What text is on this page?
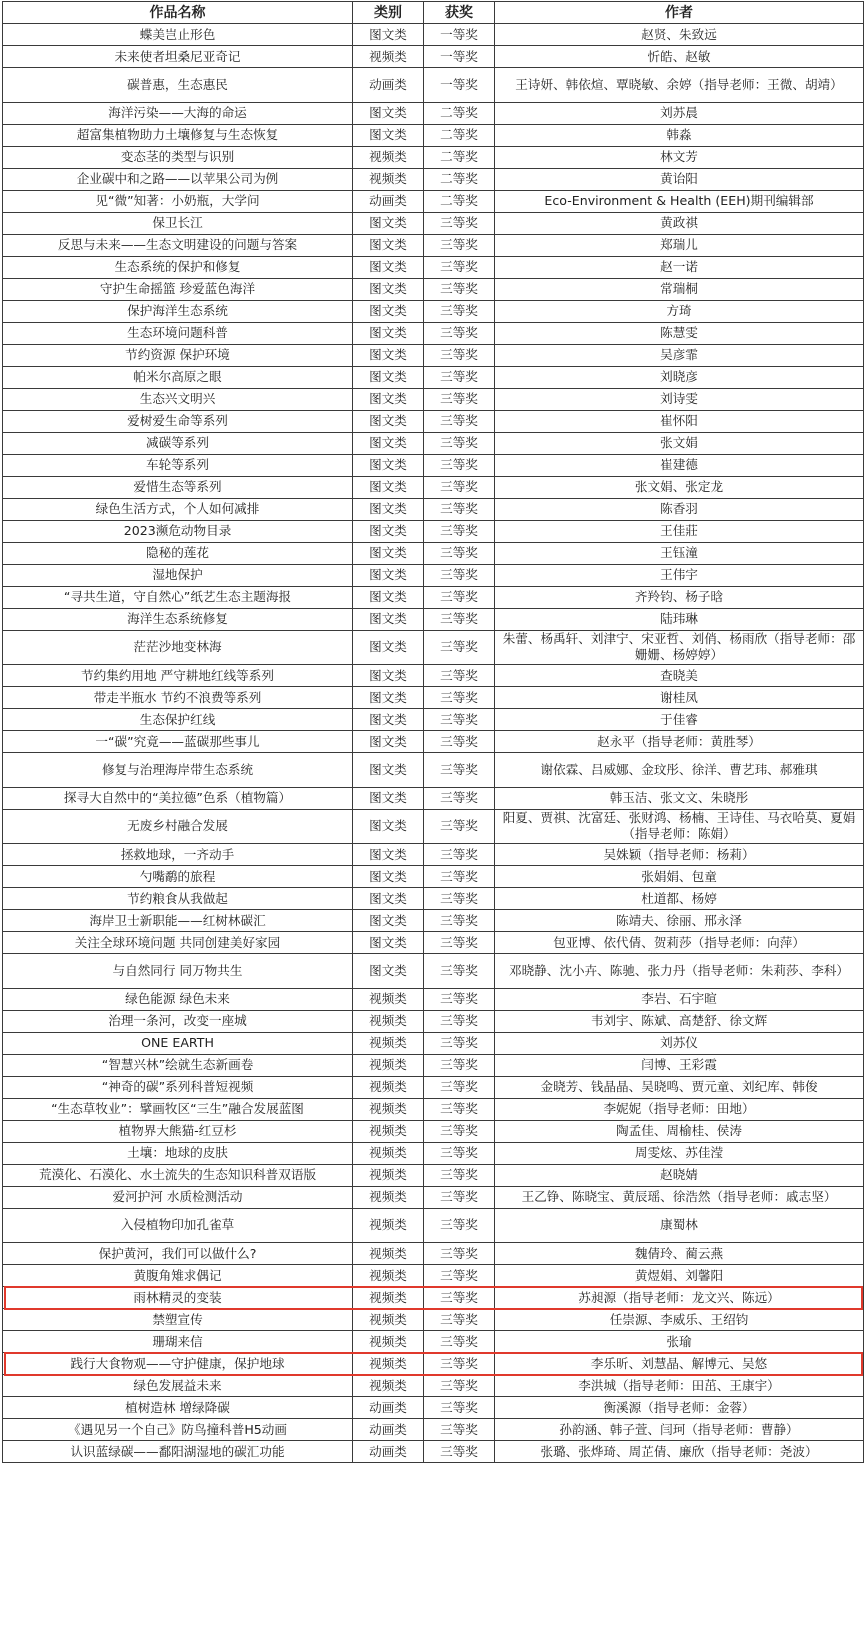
作品名称	类别	获奖	作者
蝶美岂止形色	图文类	一等奖	赵贤、朱致远
未来使者坦桑尼亚奇记	视频类	一等奖	忻皓、赵敏
碳普惠，生态惠民	动画类	一等奖	王诗妍、韩依煊、覃晓敏、余婷（指导老师：王微、胡靖）
海洋污染——大海的命运	图文类	二等奖	刘苏晨
超富集植物助力土壤修复与生态恢复	图文类	二等奖	韩淼
变态茎的类型与识别	视频类	二等奖	林文芳
企业碳中和之路——以苹果公司为例	视频类	二等奖	黄诒阳
见“微”知著：小奶瓶，大学问	动画类	二等奖	Eco-Environment & Health (EEH)期刊编辑部
保卫长江	图文类	三等奖	黄政祺
反思与未来——生态文明建设的问题与答案	图文类	三等奖	郑瑞儿
生态系统的保护和修复	图文类	三等奖	赵一诺
守护生命摇篮 珍爱蓝色海洋	图文类	三等奖	常瑞桐
保护海洋生态系统	图文类	三等奖	方琦
生态环境问题科普	图文类	三等奖	陈慧雯
节约资源 保护环境	图文类	三等奖	吴彦霏
帕米尔高原之眼	图文类	三等奖	刘晓彦
生态兴文明兴	图文类	三等奖	刘诗雯
爱树爱生命等系列	图文类	三等奖	崔怀阳
减碳等系列	图文类	三等奖	张文娟
车轮等系列	图文类	三等奖	崔建德
爱惜生态等系列	图文类	三等奖	张文娟、张定龙
绿色生活方式，个人如何减排	图文类	三等奖	陈香羽
2023濒危动物目录	图文类	三等奖	王佳莊
隐秘的莲花	图文类	三等奖	王钰潼
湿地保护	图文类	三等奖	王伟宇
“寻共生道，守自然心”纸艺生态主题海报	图文类	三等奖	齐羚钧、杨子晗
海洋生态系统修复	图文类	三等奖	陆玮琳
茫茫沙地变林海	图文类	三等奖	朱蕾、杨禹轩、刘津宁、宋亚哲、刘俏、杨雨欣（指导老师：邵姗姗、杨婷婷）
节约集约用地 严守耕地红线等系列	图文类	三等奖	查晓美
带走半瓶水 节约不浪费等系列	图文类	三等奖	谢桂凤
生态保护红线	图文类	三等奖	于佳睿
一“碳”究竟——蓝碳那些事儿	图文类	三等奖	赵永平（指导老师：黄胜琴）
修复与治理海岸带生态系统	图文类	三等奖	谢依霖、吕威娜、金玟彤、徐洋、曹艺玮、郝雅琪
探寻大自然中的“美拉德”色系（植物篇）	图文类	三等奖	韩玉洁、张文文、朱晓彤
无废乡村融合发展	图文类	三等奖	阳夏、贾祺、沈富廷、张财鸿、杨楠、王诗佳、马衣哈莫、夏娟（指导老师：陈娟）
拯救地球，一齐动手	图文类	三等奖	吴姝颖（指导老师：杨莉）
勺嘴鹬的旅程	图文类	三等奖	张娟娟、包童
节约粮食从我做起	图文类	三等奖	杜道都、杨婷
海岸卫士新职能——红树林碳汇	图文类	三等奖	陈靖夫、徐丽、邢永泽
关注全球环境问题 共同创建美好家园	图文类	三等奖	包亚博、依代倩、贺莉莎（指导老师：向萍）
与自然同行 同万物共生	图文类	三等奖	邓晓静、沈小卉、陈驰、张力丹（指导老师：朱莉莎、李科）
绿色能源 绿色未来	视频类	三等奖	李岩、石宇暄
治理一条河，改变一座城	视频类	三等奖	韦刘宇、陈斌、高楚舒、徐文辉
ONE EARTH	视频类	三等奖	刘苏仪
“智慧兴林”绘就生态新画卷	视频类	三等奖	闫博、王彩霞
“神奇的碳”系列科普短视频	视频类	三等奖	金晓芳、钱晶晶、吴晓鸣、贾元童、刘纪库、韩俊
“生态草牧业”：擘画牧区“三生”融合发展蓝图	视频类	三等奖	李妮妮（指导老师：田地）
植物界大熊猫-红豆杉	视频类	三等奖	陶孟佳、周榆桂、侯涛
土壤：地球的皮肤	视频类	三等奖	周雯炫、苏佳滢
荒漠化、石漠化、水土流失的生态知识科普双语版	视频类	三等奖	赵晓婧
爱河护河 水质检测活动	视频类	三等奖	王乙铮、陈晓宝、黄辰瑶、徐浩然（指导老师：戚志坚）
入侵植物印加孔雀草	视频类	三等奖	康蜀林
保护黄河，我们可以做什么?	视频类	三等奖	魏倩玲、蔺云燕
黄腹角雉求偶记	视频类	三等奖	黄煜娟、刘馨阳
雨林精灵的变装	视频类	三等奖	苏昶源（指导老师：龙文兴、陈远）
禁塑宣传	视频类	三等奖	任崇源、李威乐、王绍钧
珊瑚来信	视频类	三等奖	张瑜
践行大食物观——守护健康，保护地球	视频类	三等奖	李乐昕、刘慧晶、解博元、吴悠
绿色发展益未来	视频类	三等奖	李洪城（指导老师：田茁、王康宇）
植树造林 增绿降碳	动画类	三等奖	衡溪源（指导老师：金蓉）
《遇见另一个自己》防鸟撞科普H5动画	动画类	三等奖	孙韵涵、韩子萱、闫珂（指导老师：曹静）
认识蓝绿碳——鄱阳湖湿地的碳汇功能	动画类	三等奖	张璐、张烨琦、周芷倩、廉欣（指导老师：尧波）
